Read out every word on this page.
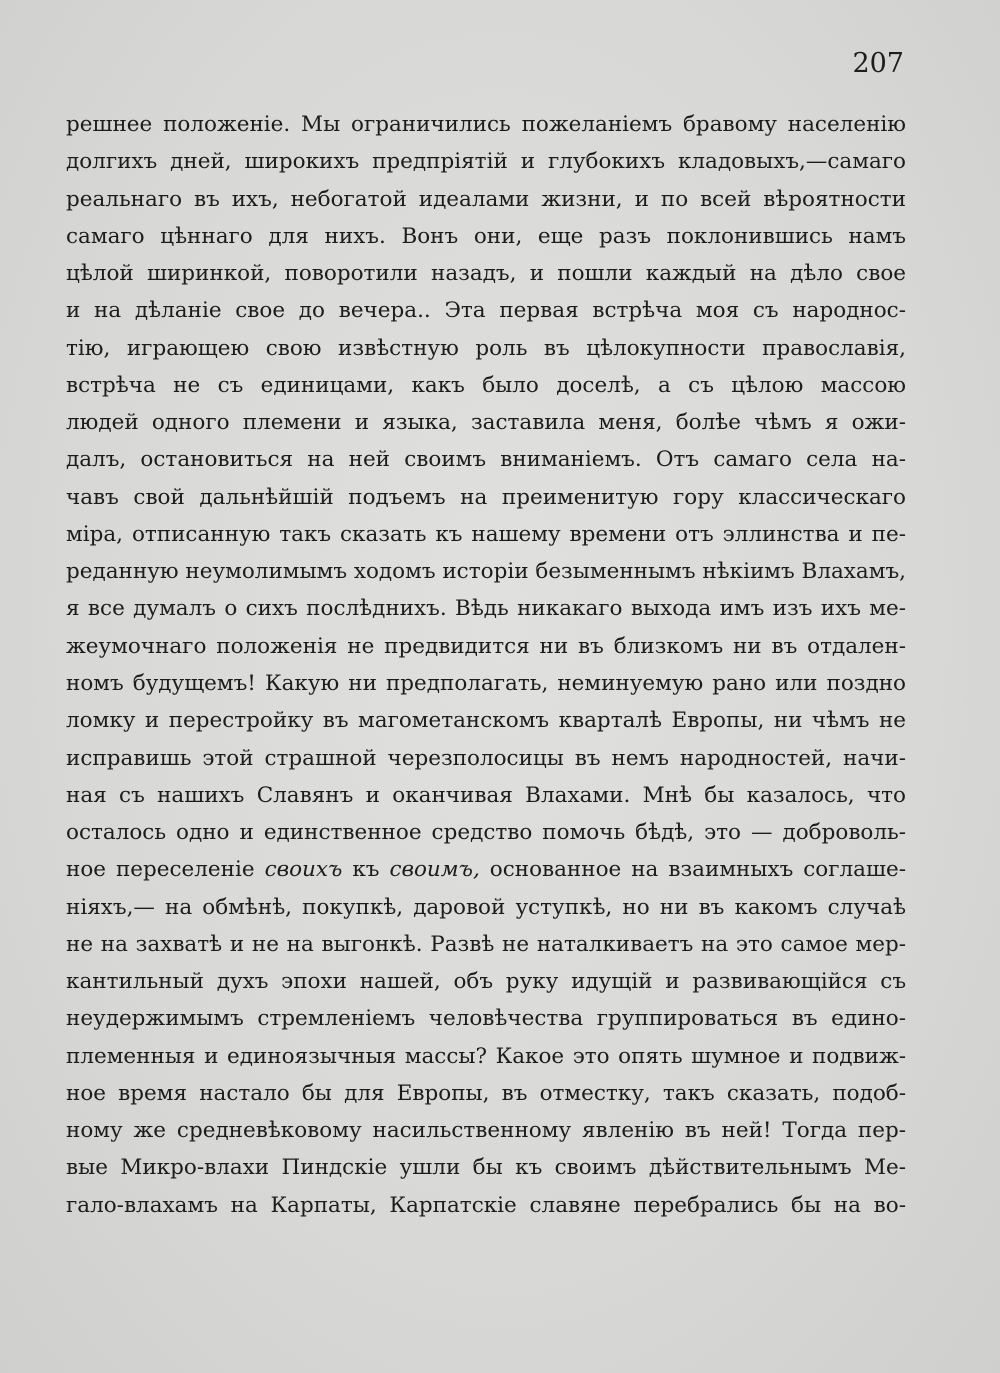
207
решнее положенiе. Мы ограничились пожеланiемъ бравому населенiю
долгихъ дней, широкихъ предпрiятiй и глубокихъ кладовыхъ,—самаго
реальнаго въ ихъ, небогатой идеалами жизни, и по всей вѣроятности
самаго цѣннаго для нихъ. Вонъ они, еще разъ поклонившись намъ
цѣлой ширинкой, поворотили назадъ, и пошли каждый на дѣло свое
и на дѣланiе свое до вечера.. Эта первая встрѣча моя съ народнос-
тiю, играющею свою извѣстную роль въ цѣлокупности православiя,
встрѣча не съ единицами, какъ было доселѣ, а съ цѣлою массою
людей одного племени и языка, заставила меня, болѣе чѣмъ я ожи-
далъ, остановиться на ней своимъ вниманiемъ. Отъ самаго села на-
чавъ свой дальнѣйшiй подъемъ на преименитую гору классическаго
мiра, отписанную такъ сказать къ нашему времени отъ эллинства и пе-
реданную неумолимымъ ходомъ исторiи безыменнымъ нѣкiимъ Влахамъ,
я все думалъ о сихъ послѣднихъ. Вѣдь никакаго выхода имъ изъ ихъ ме-
жеумочнаго положенiя не предвидится ни въ близкомъ ни въ отдален-
номъ будущемъ! Какую ни предполагать, неминуемую рано или поздно
ломку и перестройку въ магометанскомъ кварталѣ Европы, ни чѣмъ не
исправишь этой страшной черезполосицы въ немъ народностей, начи-
ная съ нашихъ Славянъ и оканчивая Влахами. Мнѣ бы казалось, что
осталось одно и единственное средство помочь бѣдѣ, это — доброволь-
ное переселенiе своихъ къ своимъ, основанное на взаимныхъ соглаше-
нiяхъ,— на обмѣнѣ, покупкѣ, даровой уступкѣ, но ни въ какомъ случаѣ
не на захватѣ и не на выгонкѣ. Развѣ не наталкиваетъ на это самое мер-
кантильный духъ эпохи нашей, объ руку идущiй и развивающiйся съ
неудержимымъ стремленiемъ человѣчества группироваться въ едино-
племенныя и единоязычныя массы? Какое это опять шумное и подвиж-
ное время настало бы для Европы, въ отместку, такъ сказать, подоб-
ному же средневѣковому насильственному явленiю въ ней! Тогда пер-
вые Микро-влахи Пиндскiе ушли бы къ своимъ дѣйствительнымъ Ме-
гало-влахамъ на Карпаты, Карпатскiе славяне перебрались бы на во-
